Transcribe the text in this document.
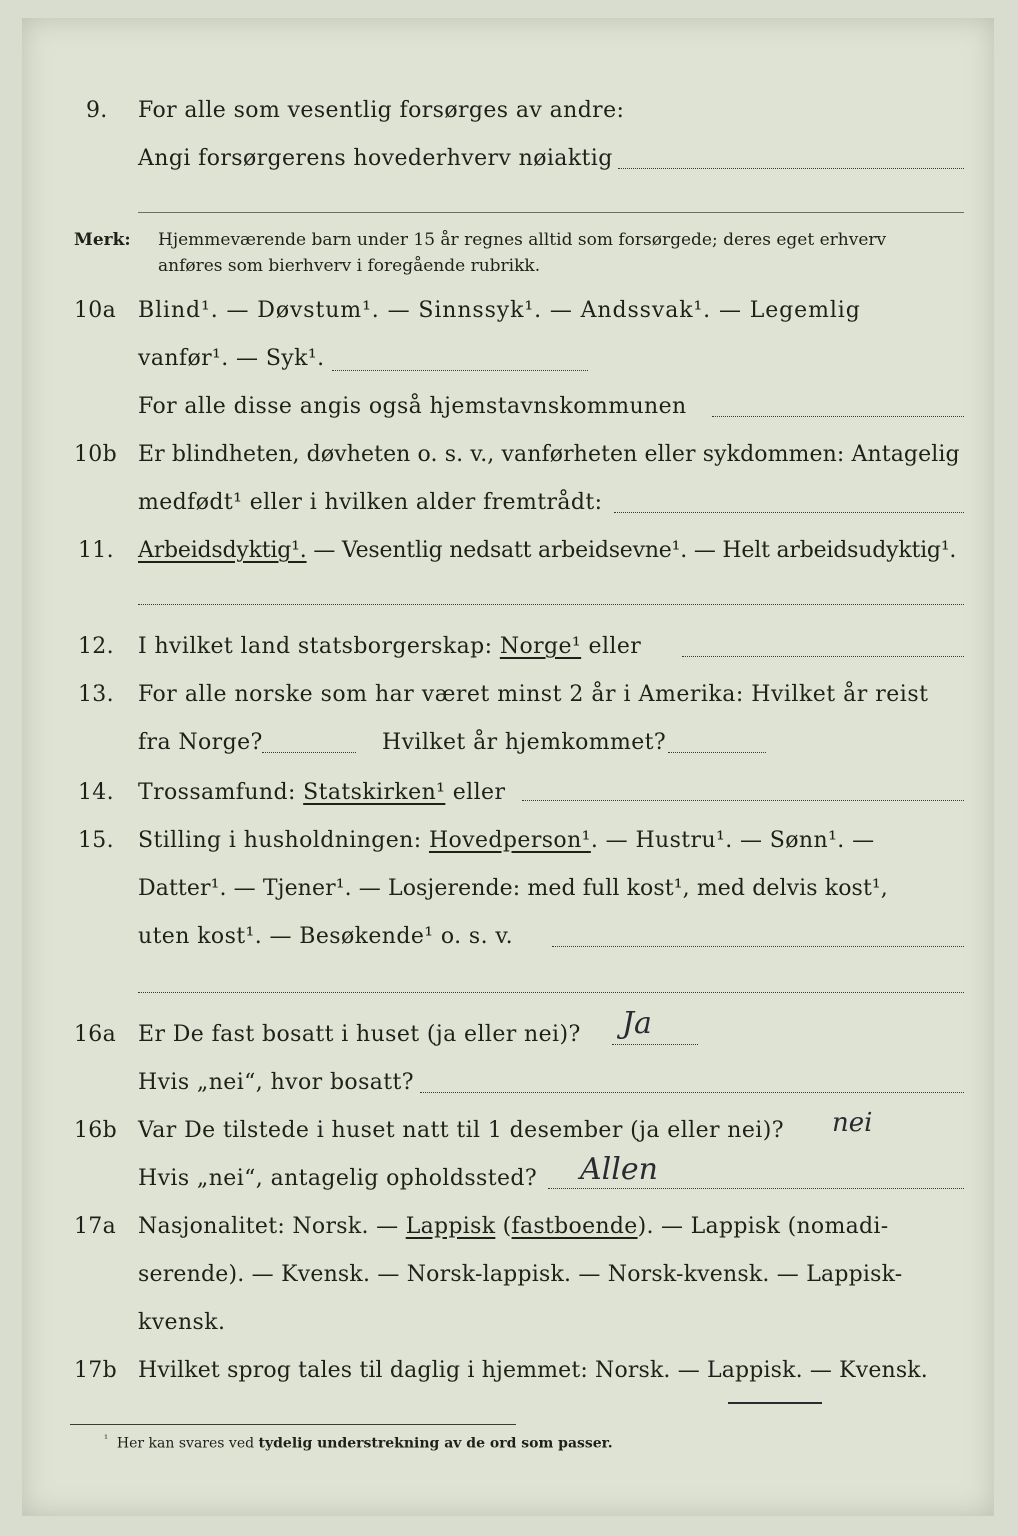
9. For alle som vesentlig forsørges av andre:
Angi forsørgerens hovederhverv nøiaktig
Merk: Hjemmeværende barn under 15 år regnes alltid som forsørgede; deres eget erhverv
anføres som bierhverv i foregående rubrikk.
10a Blind¹. — Døvstum¹. — Sinnssyk¹. — Andssvak¹. — Legemlig
vanfør¹. — Syk¹.
For alle disse angis også hjemstavnskommunen
10b Er blindheten, døvheten o. s. v., vanførheten eller sykdommen: Antagelig
medfødt¹ eller i hvilken alder fremtrådt:
11. Arbeidsdyktig¹. — Vesentlig nedsatt arbeidsevne¹. — Helt arbeidsudyktig¹.
12. I hvilket land statsborgerskap: Norge¹ eller
13. For alle norske som har været minst 2 år i Amerika: Hvilket år reist
fra Norge?	Hvilket år hjemkommet?
14. Trossamfund: Statskirken¹ eller
15. Stilling i husholdningen: Hovedperson¹. — Hustru¹. — Sønn¹. —
Datter¹. — Tjener¹. — Losjerende: med full kost¹, med delvis kost¹,
uten kost¹. — Besøkende¹ o. s. v.
16a Er De fast bosatt i huset (ja eller nei)? Ja
Hvis „nei“, hvor bosatt?
16b Var De tilstede i huset natt til 1 desember (ja eller nei)? nei
Hvis „nei“, antagelig opholdssted? Allen
17a Nasjonalitet: Norsk. — Lappisk (fastboende). — Lappisk (nomadi-
serende). — Kvensk. — Norsk-lappisk. — Norsk-kvensk. — Lappisk-
kvensk.
17b Hvilket sprog tales til daglig i hjemmet: Norsk. — Lappisk. — Kvensk.
$^{^1}$ Her kan svares ved tydelig understrekning av de ord som passer.
